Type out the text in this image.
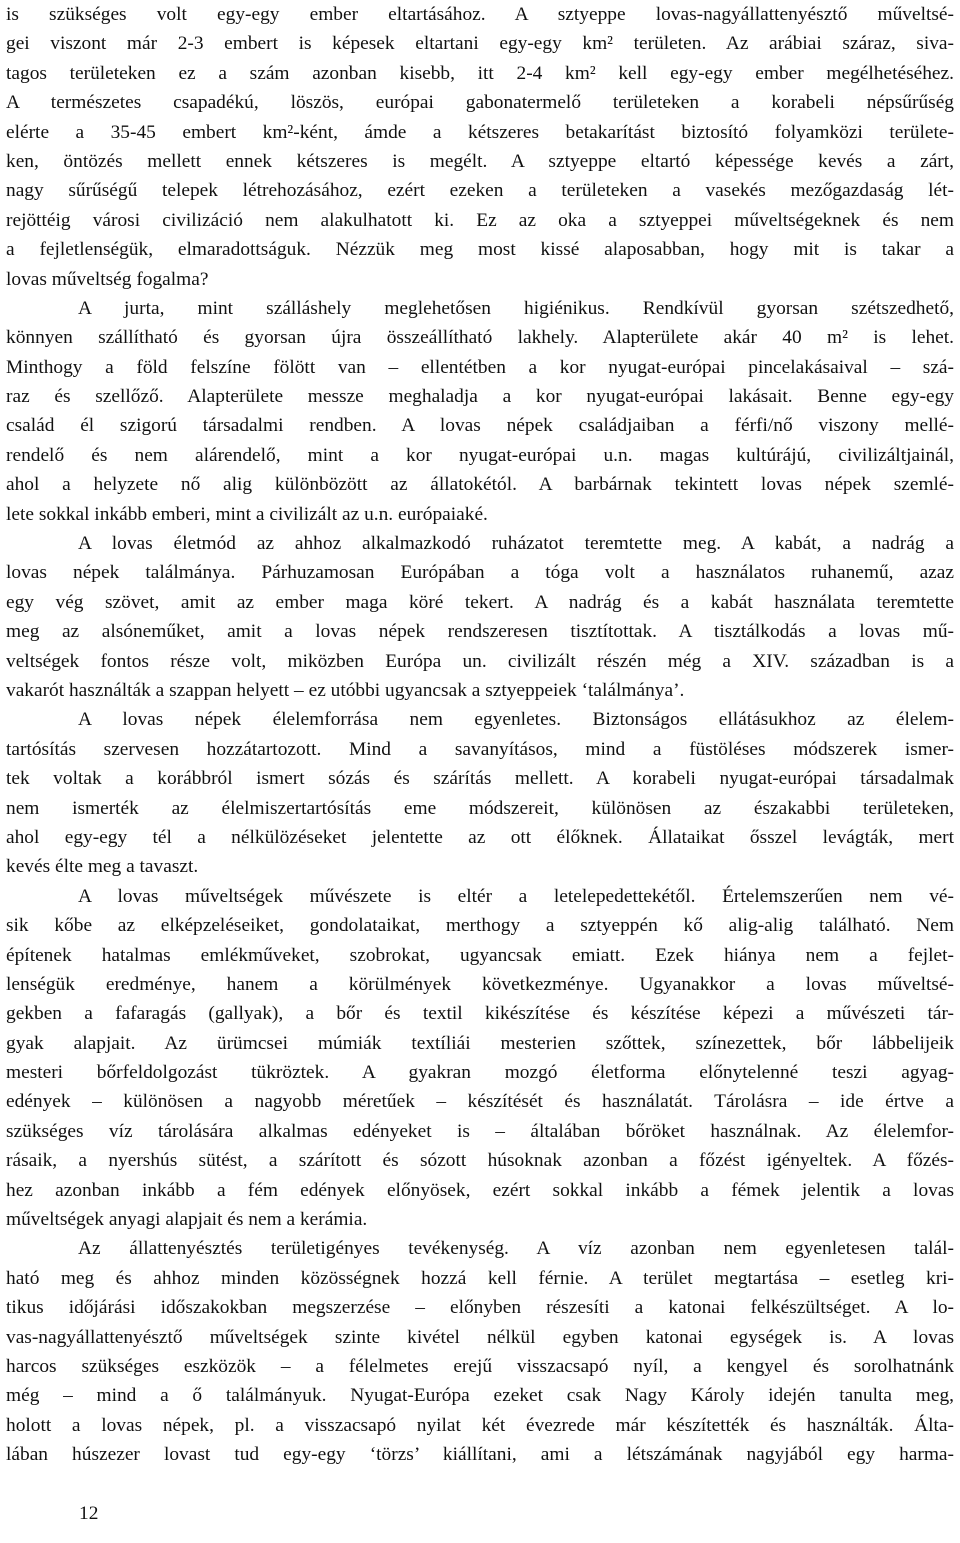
is szükséges volt egy-egy ember eltartásához. A sztyeppe lovas-nagyállattenyésztő műveltsé-
gei viszont már 2-3 embert is képesek eltartani egy-egy km² területen. Az arábiai száraz, siva-
tagos területeken ez a szám azonban kisebb, itt 2-4 km² kell egy-egy ember megélhetéséhez.
A természetes csapadékú, löszös, európai gabonatermelő területeken a korabeli népsűrűség
elérte a 35-45 embert km²-ként, ámde a kétszeres betakarítást biztosító folyamközi területe-
ken, öntözés mellett ennek kétszeres is megélt. A sztyeppe eltartó képessége kevés a zárt,
nagy sűrűségű telepek létrehozásához, ezért ezeken a területeken a vasekés mezőgazdaság lét-
rejöttéig városi civilizáció nem alakulhatott ki. Ez az oka a sztyeppei műveltségeknek és nem
a fejletlenségük, elmaradottságuk. Nézzük meg most kissé alaposabban, hogy mit is takar a
lovas műveltség fogalma?
A jurta, mint szálláshely meglehetősen higiénikus. Rendkívül gyorsan szétszedhető,
könnyen szállítható és gyorsan újra összeállítható lakhely. Alapterülete akár 40 m² is lehet.
Minthogy a föld felszíne fölött van – ellentétben a kor nyugat-európai pincelakásaival – szá-
raz és szellőző. Alapterülete messze meghaladja a kor nyugat-európai lakásait. Benne egy-egy
család él szigorú társadalmi rendben. A lovas népek családjaiban a férfi/nő viszony mellé-
rendelő és nem alárendelő, mint a kor nyugat-európai u.n. magas kultúrájú, civilizáltjainál,
ahol a helyzete nő alig különbözött az állatokétól. A barbárnak tekintett lovas népek szemlé-
lete sokkal inkább emberi, mint a civilizált az u.n. európaiaké.
A lovas életmód az ahhoz alkalmazkodó ruházatot teremtette meg. A kabát, a nadrág a
lovas népek találmánya. Párhuzamosan Európában a tóga volt a használatos ruhanemű, azaz
egy vég szövet, amit az ember maga köré tekert. A nadrág és a kabát használata teremtette
meg az alsóneműket, amit a lovas népek rendszeresen tisztítottak. A tisztálkodás a lovas mű-
veltségek fontos része volt, miközben Európa un. civilizált részén még a XIV. században is a
vakarót használták a szappan helyett – ez utóbbi ugyancsak a sztyeppeiek ‘találmánya’.
A lovas népek élelemforrása nem egyenletes. Biztonságos ellátásukhoz az élelem-
tartósítás szervesen hozzátartozott. Mind a savanyításos, mind a füstöléses módszerek ismer-
tek voltak a korábbról ismert sózás és szárítás mellett. A korabeli nyugat-európai társadalmak
nem ismerték az élelmiszertartósítás eme módszereit, különösen az északabbi területeken,
ahol egy-egy tél a nélkülözéseket jelentette az ott élőknek. Állataikat ősszel levágták, mert
kevés élte meg a tavaszt.
A lovas műveltségek művészete is eltér a letelepedettekétől. Értelemszerűen nem vé-
sik kőbe az elképzeléseiket, gondolataikat, merthogy a sztyeppén kő alig-alig található. Nem
építenek hatalmas emlékműveket, szobrokat, ugyancsak emiatt. Ezek hiánya nem a fejlet-
lenségük eredménye, hanem a körülmények következménye. Ugyanakkor a lovas műveltsé-
gekben a fafaragás (gallyak), a bőr és textil kikészítése és készítése képezi a művészeti tár-
gyak alapjait. Az ürümcsei múmiák textíliái mesterien szőttek, színezettek, bőr lábbelijeik
mesteri bőrfeldolgozást tükröztek. A gyakran mozgó életforma előnytelenné teszi agyag-
edények – különösen a nagyobb méretűek – készítését és használatát. Tárolásra – ide értve a
szükséges víz tárolására alkalmas edényeket is – általában bőröket használnak. Az élelemfor-
rásaik, a nyershús sütést, a szárított és sózott húsoknak azonban a főzést igényeltek. A főzés-
hez azonban inkább a fém edények előnyösek, ezért sokkal inkább a fémek jelentik a lovas
műveltségek anyagi alapjait és nem a kerámia.
Az állattenyésztés területigényes tevékenység. A víz azonban nem egyenletesen talál-
ható meg és ahhoz minden közösségnek hozzá kell férnie. A terület megtartása – esetleg kri-
tikus időjárási időszakokban megszerzése – előnyben részesíti a katonai felkészültséget. A lo-
vas-nagyállattenyésztő műveltségek szinte kivétel nélkül egyben katonai egységek is. A lovas
harcos szükséges eszközök – a félelmetes erejű visszacsapó nyíl, a kengyel és sorolhatnánk
még – mind a ő találmányuk. Nyugat-Európa ezeket csak Nagy Károly idején tanulta meg,
holott a lovas népek, pl. a visszacsapó nyilat két évezrede már készítették és használták. Álta-
lában húszezer lovast tud egy-egy ‘törzs’ kiállítani, ami a létszámának nagyjából egy harma-
12
